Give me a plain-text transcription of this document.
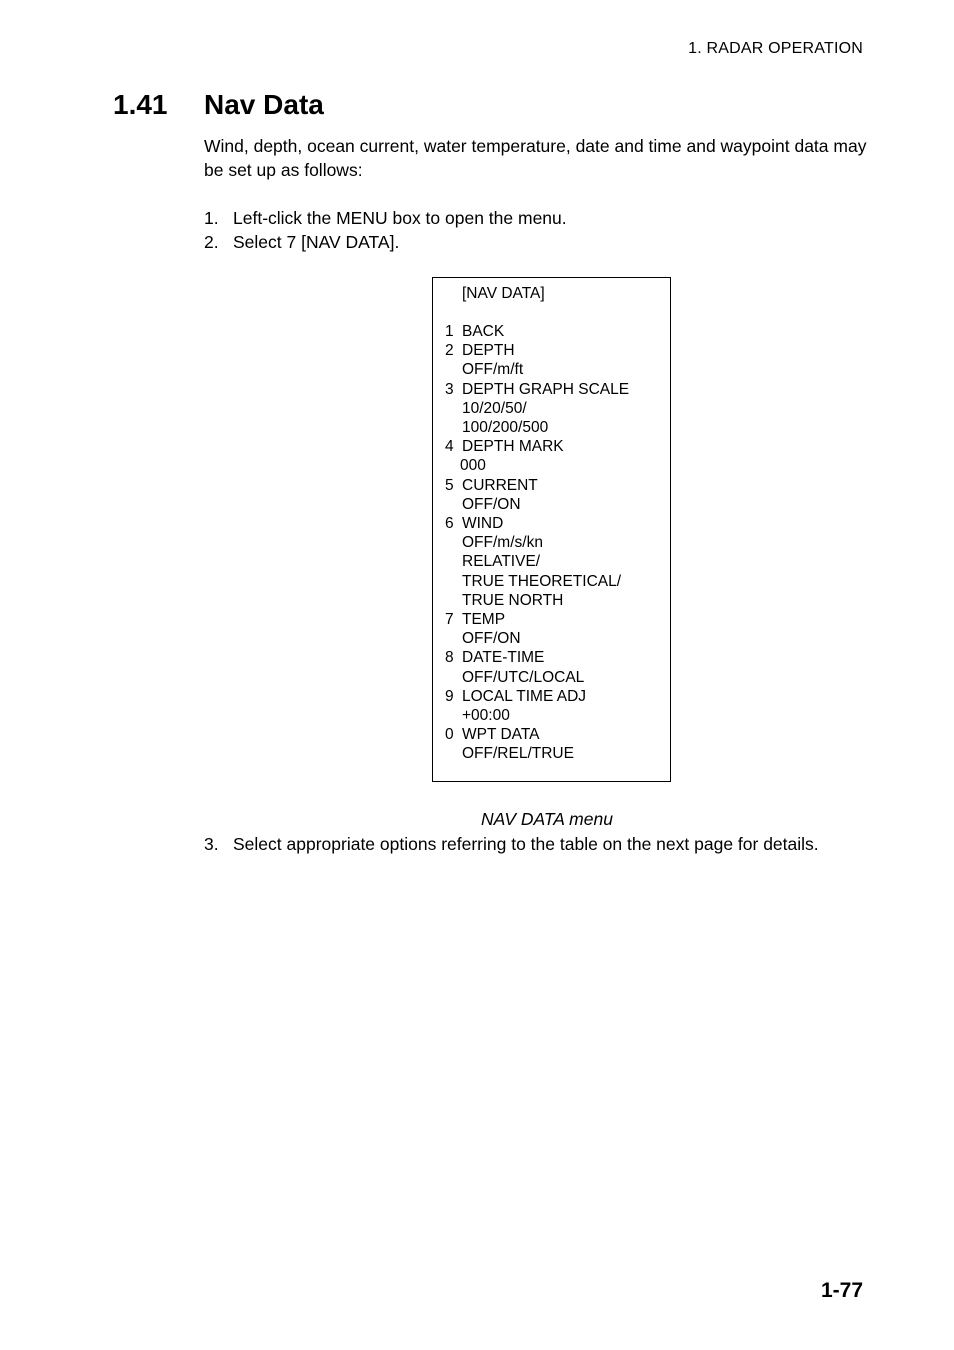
1. RADAR OPERATION
1.41 Nav Data

Wind, depth, ocean current, water temperature, date and time and waypoint data may be set up as follows:

1. Left-click the MENU box to open the menu.
2. Select 7 [NAV DATA].
[NAV DATA]
1 BACK
2 DEPTH
OFF/m/ft
3 DEPTH GRAPH SCALE
10/20/50/
100/200/500
4 DEPTH MARK
000
5 CURRENT
OFF/ON
6 WIND
OFF/m/s/kn
RELATIVE/
TRUE THEORETICAL/
TRUE NORTH
7 TEMP
OFF/ON
8 DATE-TIME
OFF/UTC/LOCAL
9 LOCAL TIME ADJ
+00:00
0 WPT DATA
OFF/REL/TRUE
NAV DATA menu
3. Select appropriate options referring to the table on the next page for details.
1-77
